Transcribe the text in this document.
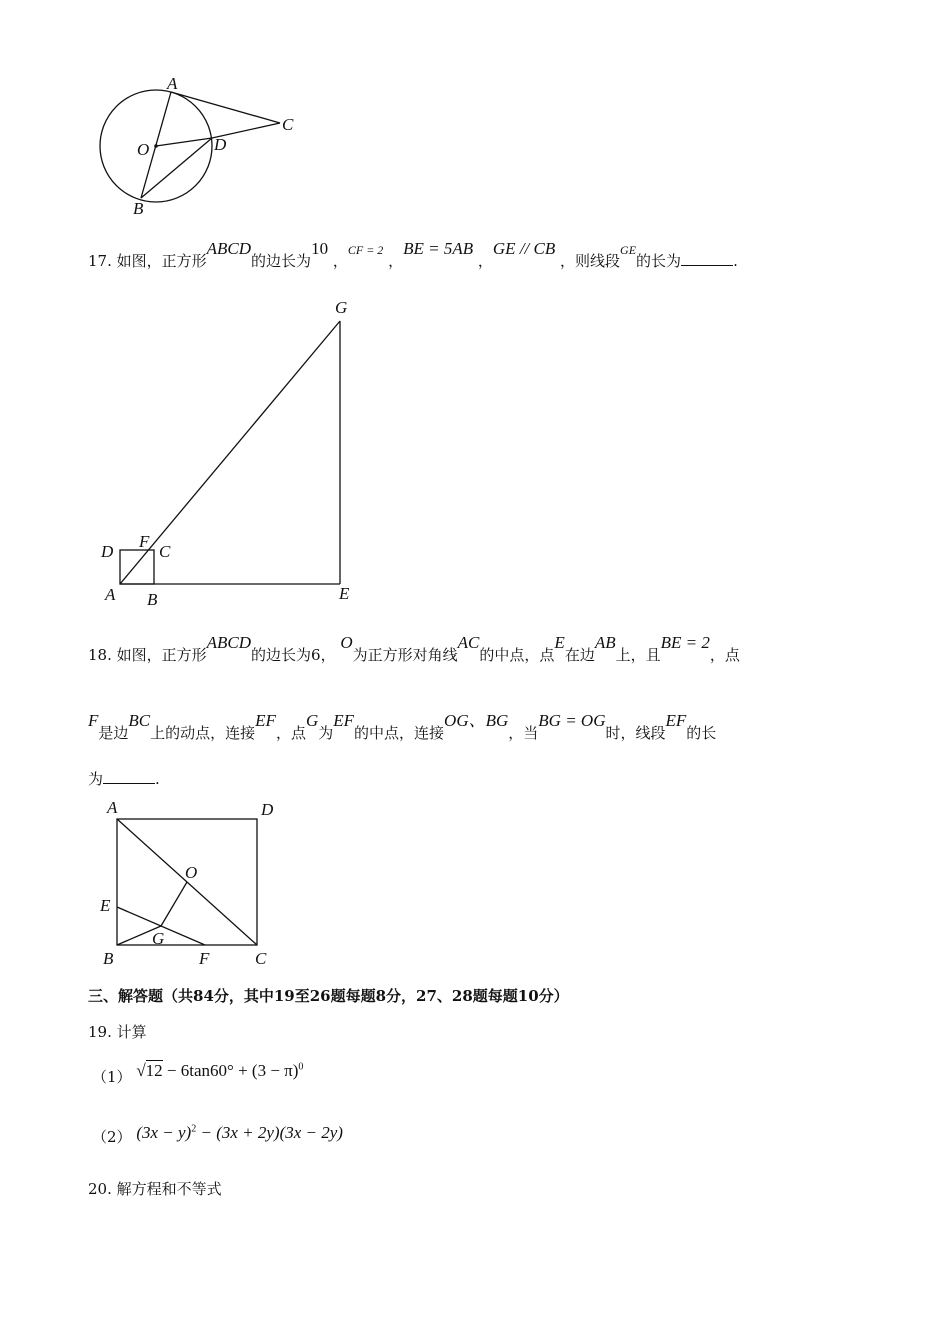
A
C
O	D
B
17. 如图，正方形ABCD的边长为10 ，$^{CF = 2}$ ，BE = 5AB ，GE // CB ，则线段$^{GE}$的长为	.
G
D
F
C
A B	E
18. 如图，正方形ABCD的边长为6， O为正方形对角线AC的中点，点E在边AB上，且BE = 2，点
F是边BC上的动点，连接EF，点G为EF的中点，连接OG、BG，当BG = OG时，线段EF的长
为	.
A	D
O
E
G
B	F	C
三、解答题（共84分，其中19至26题每题8分，27、28题每题10分）
19. 计算
（1） $√12 - 6\tan 60^\circ + (3 - \pi)^0$
（2） $(3x - y)^2 - (3x + 2y)(3x - 2y)$
20. 解方程和不等式
